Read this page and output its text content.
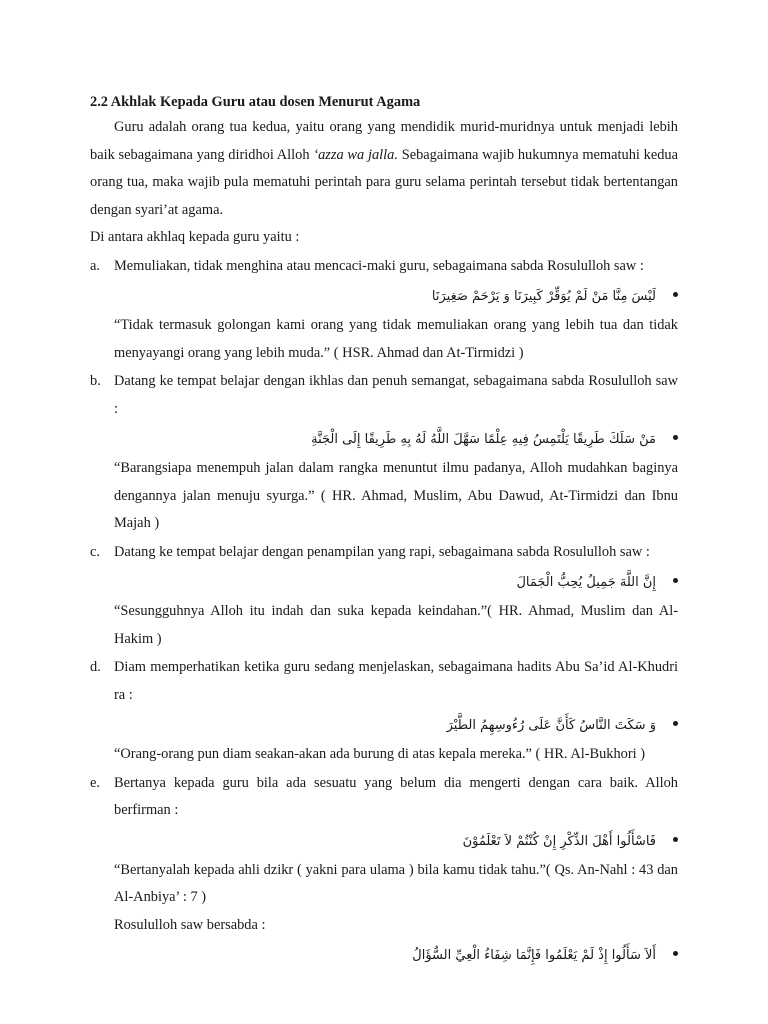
2.2 Akhlak Kepada Guru atau dosen Menurut Agama
Guru adalah orang tua kedua, yaitu orang yang mendidik murid-muridnya untuk menjadi lebih baik sebagaimana yang diridhoi Alloh ‘azza wa jalla. Sebagaimana wajib hukumnya mematuhi kedua orang tua, maka wajib pula mematuhi perintah para guru selama perintah tersebut tidak bertentangan dengan syari’at agama.
Di antara akhlaq kepada guru yaitu :
a. Memuliakan, tidak menghina atau mencaci-maki guru, sebagaimana sabda Rosululloh saw :
لَيْسَ مِنَّا مَنْ لَمْ يُوَقِّرْ كَبِيرَنَا وَ يَرْحَمْ صَغِيرَنَا
“Tidak termasuk golongan kami orang yang tidak memuliakan orang yang lebih tua dan tidak menyayangi orang yang lebih muda.” ( HSR. Ahmad dan At-Tirmidzi )
b. Datang ke tempat belajar dengan ikhlas dan penuh semangat, sebagaimana sabda Rosululloh saw :
مَنْ سَلَكَ طَرِيقًا يَلْتَمِسُ فِيهِ عِلْمًا سَهَّلَ اللَّهُ لَهُ بِهِ طَرِيقًا إِلَى الْجَنَّةِ
“Barangsiapa menempuh jalan dalam rangka menuntut ilmu padanya, Alloh mudahkan baginya dengannya jalan menuju syurga.” ( HR. Ahmad, Muslim, Abu Dawud, At-Tirmidzi dan Ibnu Majah )
c. Datang ke tempat belajar dengan penampilan yang rapi, sebagaimana sabda Rosululloh saw :
إِنَّ اللَّهَ جَمِيلٌ يُحِبُّ الْجَمَالَ
“Sesungguhnya Alloh itu indah dan suka kepada keindahan.”( HR. Ahmad, Muslim dan Al-Hakim )
d. Diam memperhatikan ketika guru sedang menjelaskan, sebagaimana hadits Abu Sa’id Al-Khudri ra :
وَ سَكَتَ النَّاسُ كَأَنَّ عَلَى رُءُوسِهِمُ الطَّيْرَ
“Orang-orang pun diam seakan-akan ada burung di atas kepala mereka.” ( HR. Al-Bukhori )
e. Bertanya kepada guru bila ada sesuatu yang belum dia mengerti dengan cara baik. Alloh berfirman :
فَاسْأَلُوا أَهْلَ الذِّكْرِ إِنْ كُنْتُمْ لاَ تَعْلَمُوْنَ
“Bertanyalah kepada ahli dzikr ( yakni para ulama ) bila kamu tidak tahu.”( Qs. An-Nahl : 43 dan Al-Anbiya’ : 7 )
Rosululloh saw bersabda :
أَلاَ سَأَلُوا إِذْ لَمْ يَعْلَمُوا فَإِنَّمَا شِفَاءُ الْعِيِّ السُّؤَالُ
